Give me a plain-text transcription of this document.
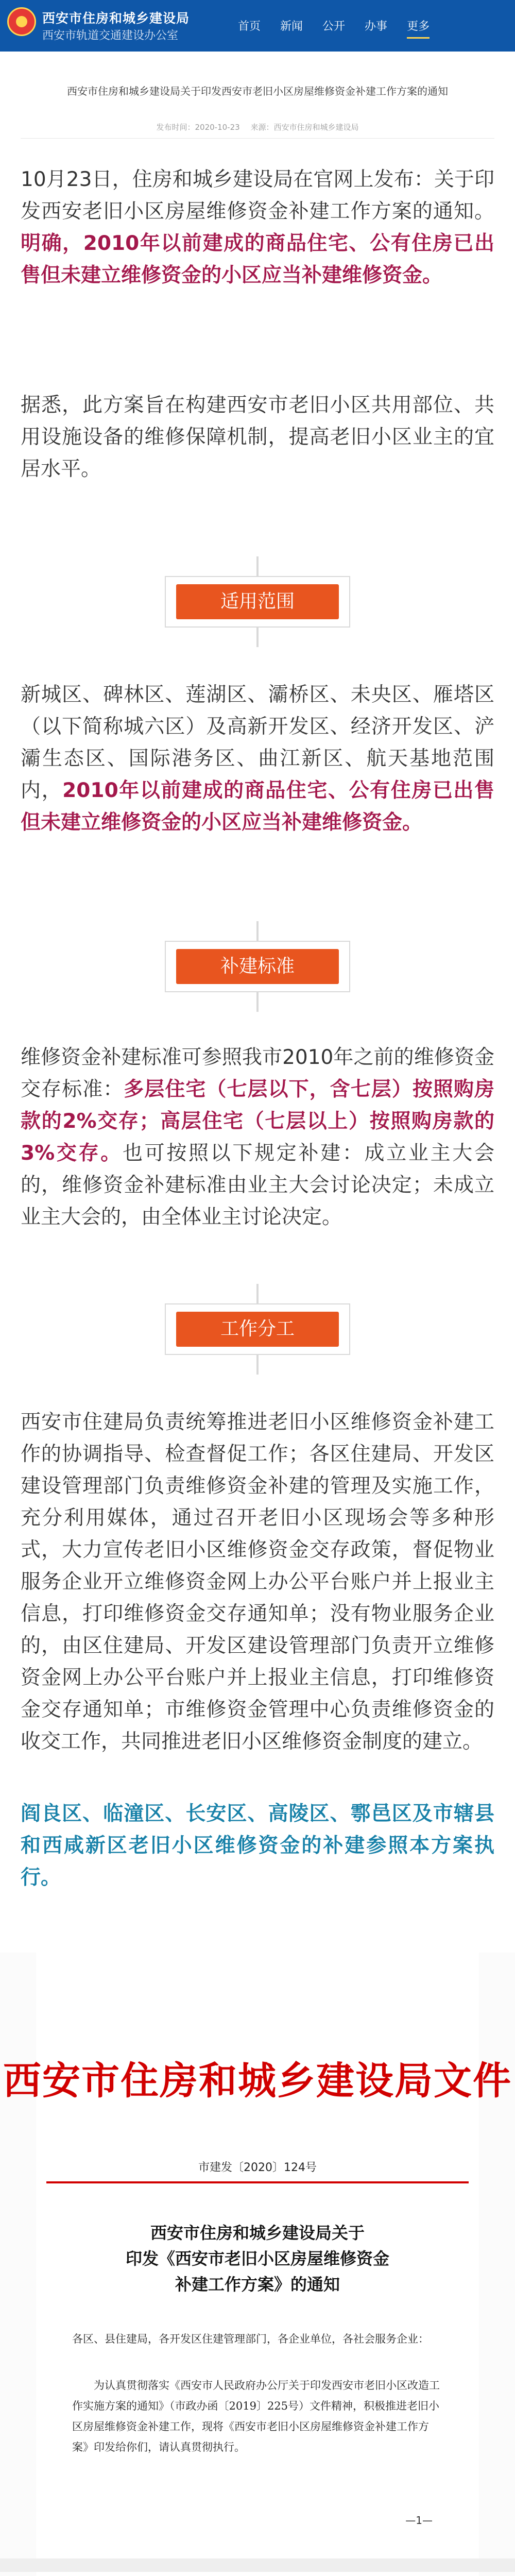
西安市住房和城乡建设局
西安市轨道交通建设办公室
首页 新闻 公开 办事 更多
西安市住房和城乡建设局关于印发西安市老旧小区房屋维修资金补建工作方案的通知
发布时间：2020-10-23 来源：西安市住房和城乡建设局
10月23日，住房和城乡建设局在官网上发布：关于印发西安老旧小区房屋维修资金补建工作方案的通知。明确，2010年以前建成的商品住宅、公有住房已出售但未建立维修资金的小区应当补建维修资金。
据悉，此方案旨在构建西安市老旧小区共用部位、共用设施设备的维修保障机制，提高老旧小区业主的宜居水平。
适用范围
新城区、碑林区、莲湖区、灞桥区、未央区、雁塔区（以下简称城六区）及高新开发区、经济开发区、浐灞生态区、国际港务区、曲江新区、航天基地范围内，2010年以前建成的商品住宅、公有住房已出售但未建立维修资金的小区应当补建维修资金。
补建标准
维修资金补建标准可参照我市2010年之前的维修资金交存标准：多层住宅（七层以下，含七层）按照购房款的2%交存；高层住宅（七层以上）按照购房款的3%交存。也可按照以下规定补建：成立业主大会的，维修资金补建标准由业主大会讨论决定；未成立业主大会的，由全体业主讨论决定。
工作分工
西安市住建局负责统筹推进老旧小区维修资金补建工作的协调指导、检查督促工作；各区住建局、开发区建设管理部门负责维修资金补建的管理及实施工作，充分利用媒体，通过召开老旧小区现场会等多种形式，大力宣传老旧小区维修资金交存政策，督促物业服务企业开立维修资金网上办公平台账户并上报业主信息，打印维修资金交存通知单；没有物业服务企业的，由区住建局、开发区建设管理部门负责开立维修资金网上办公平台账户并上报业主信息，打印维修资金交存通知单；市维修资金管理中心负责维修资金的收交工作，共同推进老旧小区维修资金制度的建立。
阎良区、临潼区、长安区、高陵区、鄠邑区及市辖县和西咸新区老旧小区维修资金的补建参照本方案执行。
西安市住房和城乡建设局文件
市建发〔2020〕124号
西安市住房和城乡建设局关于
印发《西安市老旧小区房屋维修资金
补建工作方案》的通知
各区、县住建局，各开发区住建管理部门，各企业单位，各社会服务企业：
为认真贯彻落实《西安市人民政府办公厅关于印发西安市老旧小区改造工作实施方案的通知》（市政办函〔2019〕225号）文件精神，积极推进老旧小区房屋维修资金补建工作，现将《西安市老旧小区房屋维修资金补建工作方案》印发给你们，请认真贯彻执行。
—1—
